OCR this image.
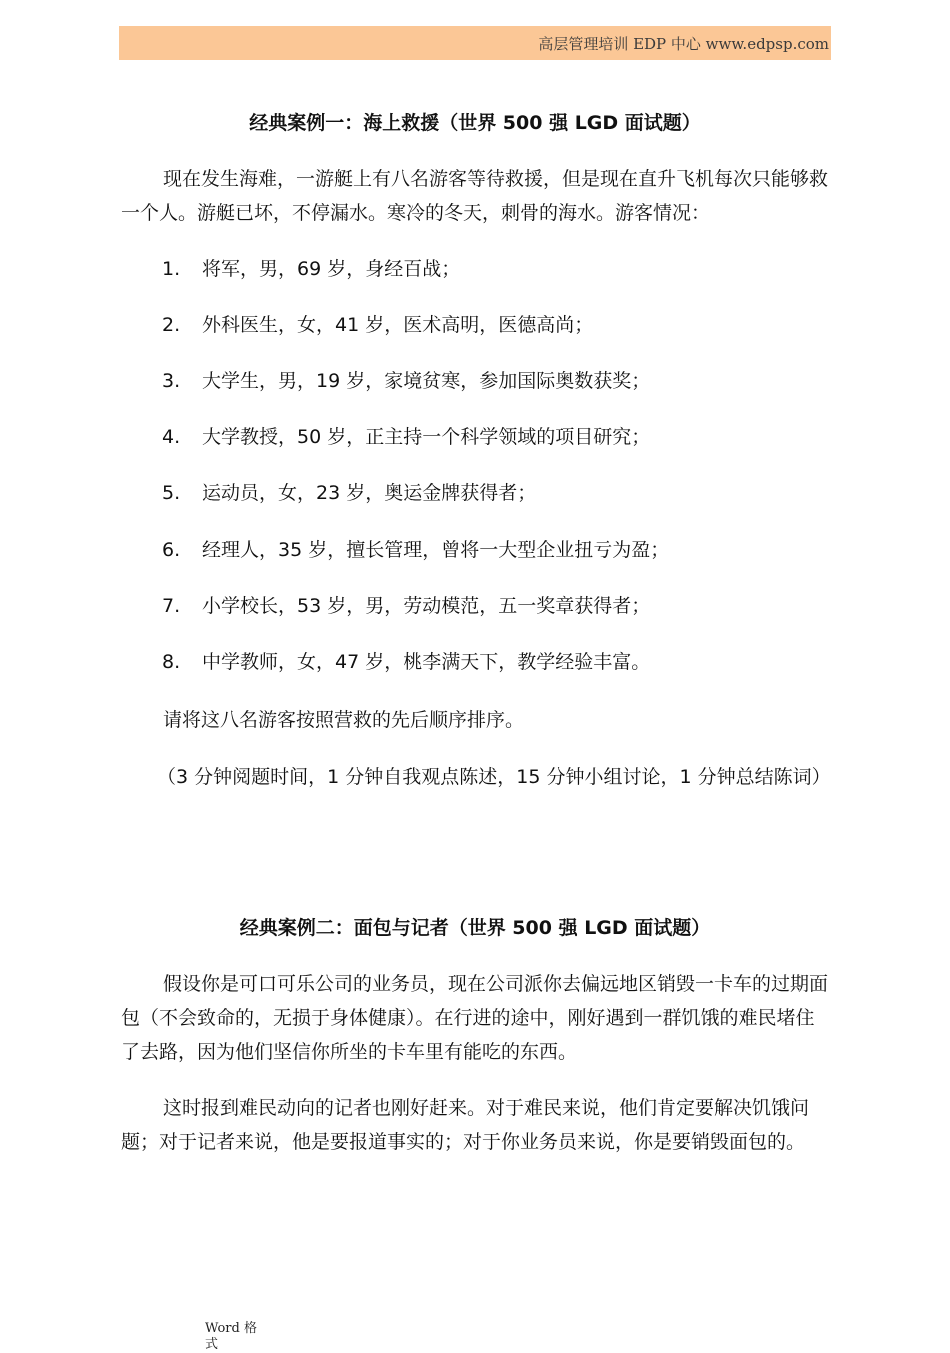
高层管理培训 EDP 中心 www.edpsp.com
经典案例一：海上救援（世界 500 强 LGD 面试题）

现在发生海难，一游艇上有八名游客等待救援，但是现在直升飞机每次只能够救一个人。游艇已坏，不停漏水。寒冷的冬天，刺骨的海水。游客情况：

1.	将军，男，69 岁，身经百战；
2.	外科医生，女，41 岁，医术高明，医德高尚；
3.	大学生，男，19 岁，家境贫寒，参加国际奥数获奖；
4.	大学教授，50 岁，正主持一个科学领域的项目研究；
5.	运动员，女，23 岁，奥运金牌获得者；
6.	经理人，35 岁，擅长管理，曾将一大型企业扭亏为盈；
7.	小学校长，53 岁，男，劳动模范，五一奖章获得者；
8.	中学教师，女，47 岁，桃李满天下，教学经验丰富。

请将这八名游客按照营救的先后顺序排序。

（3 分钟阅题时间，1 分钟自我观点陈述，15 分钟小组讨论，1 分钟总结陈词）

经典案例二：面包与记者（世界 500 强 LGD 面试题）

假设你是可口可乐公司的业务员，现在公司派你去偏远地区销毁一卡车的过期面包（不会致命的，无损于身体健康）。在行进的途中，刚好遇到一群饥饿的难民堵住了去路，因为他们坚信你所坐的卡车里有能吃的东西。

这时报到难民动向的记者也刚好赶来。对于难民来说，他们肯定要解决饥饿问题；对于记者来说，他是要报道事实的；对于你业务员来说，你是要销毁面包的。

Word 格式
